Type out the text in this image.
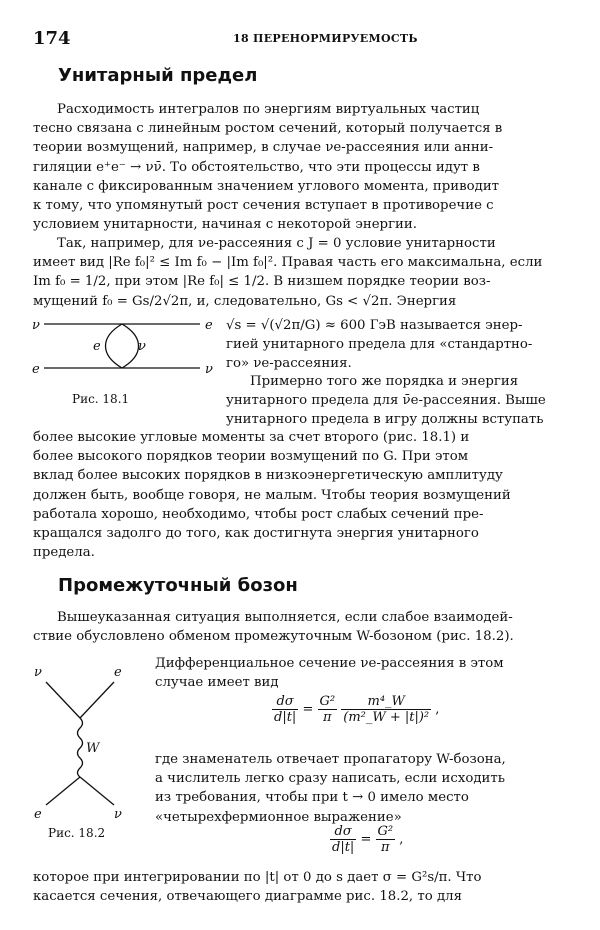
174	18 ПЕРЕНОРМИРУЕМОСТЬ
Унитарный предел
Расходимость интегралов по энергиям виртуальных частиц
тесно связана с линейным ростом сечений, который получается в
теории возмущений, например, в случае νe-рассеяния или анни-
гиляции e⁺e⁻ → νν̄. То обстоятельство, что эти процессы идут в
канале с фиксированным значением углового момента, приводит
к тому, что упомянутый рост сечения вступает в противоречие с
условием унитарности, начиная с некоторой энергии.
Так, например, для νe-рассеяния с J = 0 условие унитарности
имеет вид |Re f₀|² ≤ Im f₀ − |Im f₀|². Правая часть его максимальна, если
Im f₀ = 1/2, при этом |Re f₀| ≤ 1/2. В низшем порядке теории воз-
мущений f₀ = Gs/2√2π, и, следовательно, Gs < √2π. Энергия
ν	e
e	ν
e	ν
Рис. 18.1
√s = √(√2π/G) ≈ 600 ГэВ называется энер-
гией унитарного предела для «стандартно-
го» νe-рассеяния.
Примерно того же порядка и энергия
унитарного предела для ν̄e-рассеяния. Выше
унитарного предела в игру должны вступать
более высокие угловые моменты за счет второго (рис. 18.1) и
более высокого порядков теории возмущений по G. При этом
вклад более высоких порядков в низкоэнергетическую амплитуду
должен быть, вообще говоря, не малым. Чтобы теория возмущений
работала хорошо, необходимо, чтобы рост слабых сечений пре-
кращался задолго до того, как достигнута энергия унитарного
предела.
Промежуточный бозон
Вышеуказанная ситуация выполняется, если слабое взаимодей-
ствие обусловлено обменом промежуточным W-бозоном (рис. 18.2).
ν	e
W
e	ν
Рис. 18.2
Дифференциальное сечение νe-рассеяния в этом
случае имеет вид
$\frac{d\sigma}{d|t|} = \frac{\text{G²}}{\pi}$
$\frac{\text{m⁴\_W}}{\text{(m²\_W + |t|)²}}$ ,
где знаменатель отвечает пропагатору W-бозона,
а числитель легко сразу написать, если исходить
из требования, чтобы при t → 0 имело место
«четырехфермионное выражение»
$\frac{d\sigma}{d|t|} = \frac{\text{G²}}{\pi}$ ,
которое при интегрировании по |t| от 0 до s дает σ = G²s/π. Что
касается сечения, отвечающего диаграмме рис. 18.2, то для
